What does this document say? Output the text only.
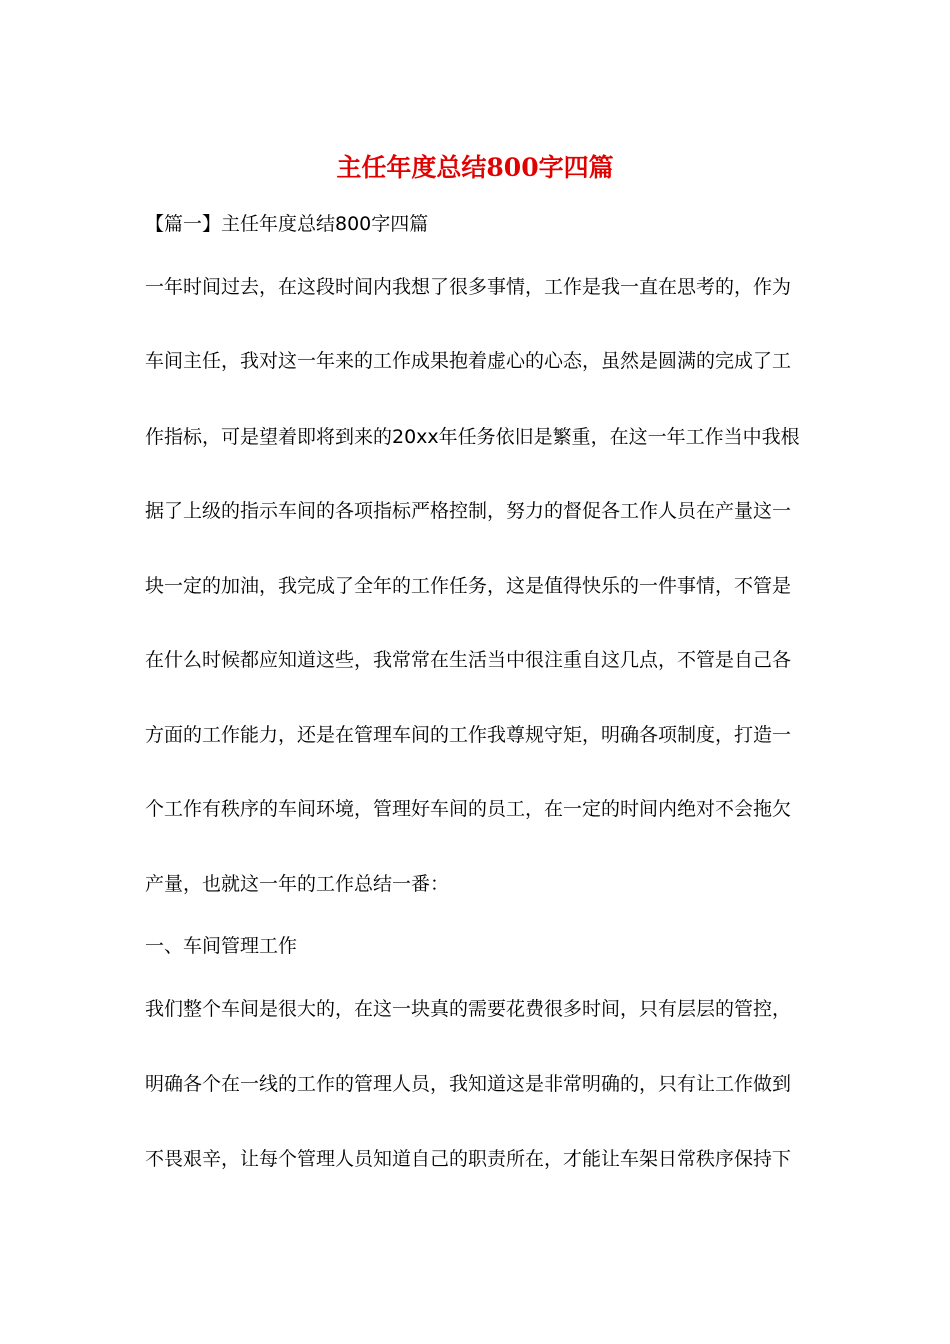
主任年度总结800字四篇
【篇一】主任年度总结800字四篇
一年时间过去，在这段时间内我想了很多事情，工作是我一直在思考的，作为
车间主任，我对这一年来的工作成果抱着虚心的心态，虽然是圆满的完成了工
作指标，可是望着即将到来的20xx年任务依旧是繁重，在这一年工作当中我根
据了上级的指示车间的各项指标严格控制，努力的督促各工作人员在产量这一
块一定的加油，我完成了全年的工作任务，这是值得快乐的一件事情，不管是
在什么时候都应知道这些，我常常在生活当中很注重自这几点，不管是自己各
方面的工作能力，还是在管理车间的工作我尊规守矩，明确各项制度，打造一
个工作有秩序的车间环境，管理好车间的员工，在一定的时间内绝对不会拖欠
产量，也就这一年的工作总结一番：
一、车间管理工作
我们整个车间是很大的，在这一块真的需要花费很多时间，只有层层的管控，
明确各个在一线的工作的管理人员，我知道这是非常明确的，只有让工作做到
不畏艰辛，让每个管理人员知道自己的职责所在，才能让车架日常秩序保持下
